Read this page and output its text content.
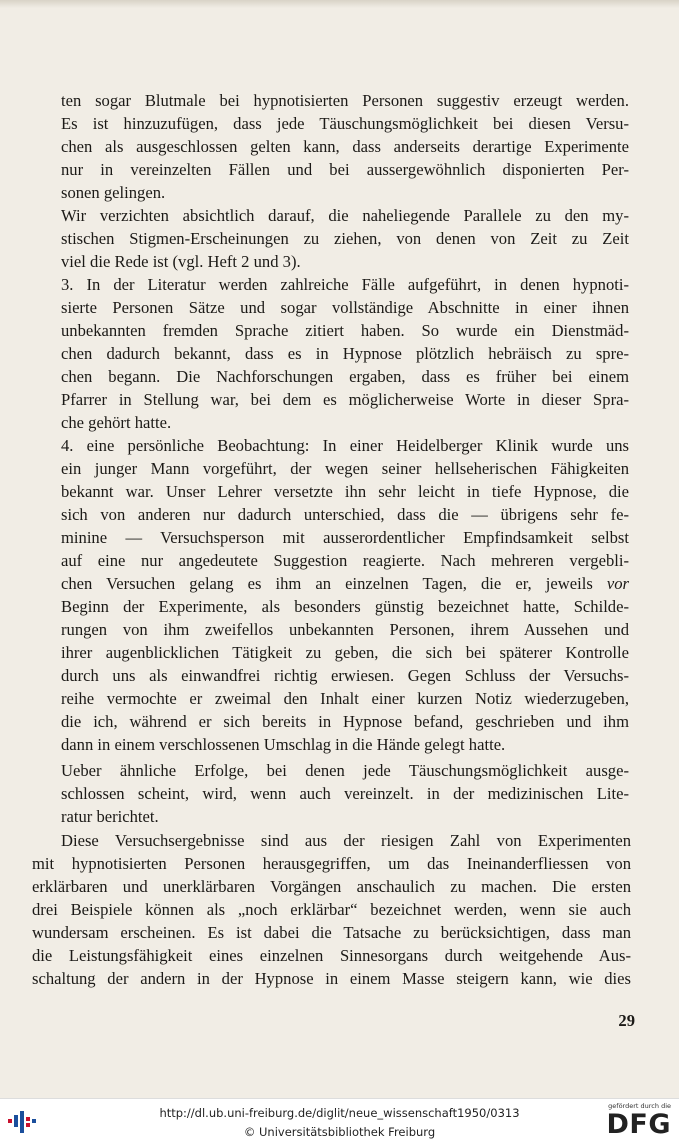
ten sogar Blutmale bei hypnotisierten Personen suggestiv erzeugt werden.

Es ist hinzuzufügen, dass jede Täuschungsmöglichkeit bei diesen Versu-

chen als ausgeschlossen gelten kann, dass anderseits derartige Experimente

nur in vereinzelten Fällen und bei aussergewöhnlich disponierten Per-

sonen gelingen.

Wir verzichten absichtlich darauf, die naheliegende Parallele zu den my-

stischen Stigmen-Erscheinungen zu ziehen, von denen von Zeit zu Zeit

viel die Rede ist (vgl. Heft 2 und 3).

3. In der Literatur werden zahlreiche Fälle aufgeführt, in denen hypnoti-

sierte Personen Sätze und sogar vollständige Abschnitte in einer ihnen

unbekannten fremden Sprache zitiert haben. So wurde ein Dienstmäd-

chen dadurch bekannt, dass es in Hypnose plötzlich hebräisch zu spre-

chen begann. Die Nachforschungen ergaben, dass es früher bei einem

Pfarrer in Stellung war, bei dem es möglicherweise Worte in dieser Spra-

che gehört hatte.

4. eine persönliche Beobachtung: In einer Heidelberger Klinik wurde uns

ein junger Mann vorgeführt, der wegen seiner hellseherischen Fähigkeiten

bekannt war. Unser Lehrer versetzte ihn sehr leicht in tiefe Hypnose, die

sich von anderen nur dadurch unterschied, dass die — übrigens sehr fe-

minine — Versuchsperson mit ausserordentlicher Empfindsamkeit selbst

auf eine nur angedeutete Suggestion reagierte. Nach mehreren vergebli-

chen Versuchen gelang es ihm an einzelnen Tagen, die er, jeweils vor

Beginn der Experimente, als besonders günstig bezeichnet hatte, Schilde-

rungen von ihm zweifellos unbekannten Personen, ihrem Aussehen und

ihrer augenblicklichen Tätigkeit zu geben, die sich bei späterer Kontrolle

durch uns als einwandfrei richtig erwiesen. Gegen Schluss der Versuchs-

reihe vermochte er zweimal den Inhalt einer kurzen Notiz wiederzugeben,

die ich, während er sich bereits in Hypnose befand, geschrieben und ihm

dann in einem verschlossenen Umschlag in die Hände gelegt hatte.

Ueber ähnliche Erfolge, bei denen jede Täuschungsmöglichkeit ausge-

schlossen scheint, wird, wenn auch vereinzelt. in der medizinischen Lite-

ratur berichtet.

Diese Versuchsergebnisse sind aus der riesigen Zahl von Experimenten

mit hypnotisierten Personen herausgegriffen, um das Ineinanderfliessen von

erklärbaren und unerklärbaren Vorgängen anschaulich zu machen. Die ersten

drei Beispiele können als „noch erklärbar“ bezeichnet werden, wenn sie auch

wundersam erscheinen. Es ist dabei die Tatsache zu berücksichtigen, dass man

die Leistungsfähigkeit eines einzelnen Sinnesorgans durch weitgehende Aus-

schaltung der andern in der Hypnose in einem Masse steigern kann, wie dies

29
http://dl.ub.uni-freiburg.de/diglit/neue_wissenschaft1950/0313
© Universitätsbibliothek Freiburg
gefördert durch die
DFG
